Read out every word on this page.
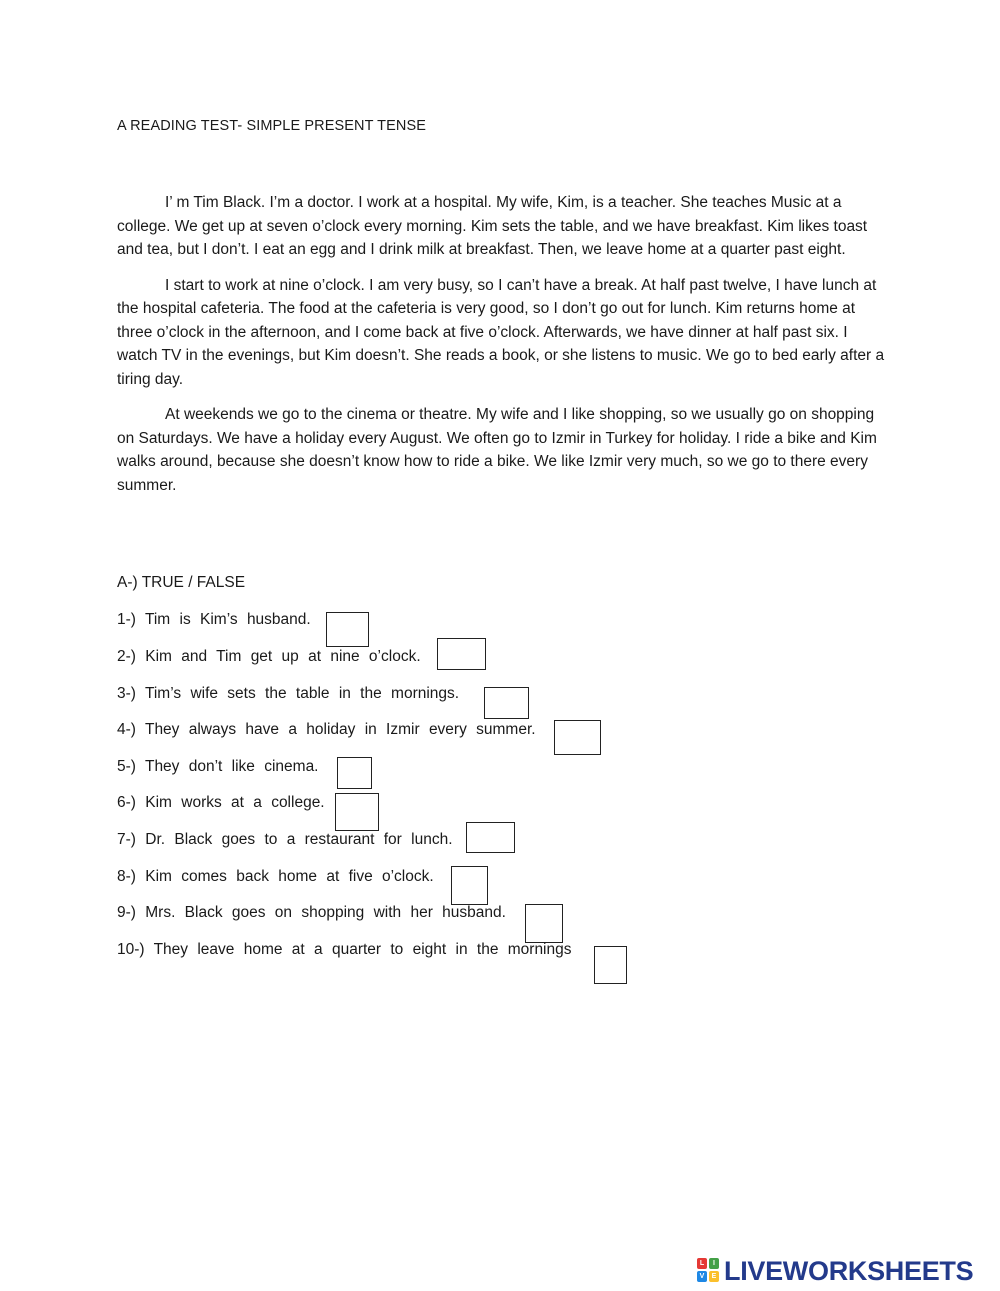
A READING TEST- SIMPLE PRESENT TENSE

I’ m Tim Black. I’m a doctor. I work at a hospital. My wife, Kim, is a teacher. She teaches Music at a college. We get up at seven o’clock every morning. Kim sets the table, and we have breakfast. Kim likes toast and tea, but I don’t. I eat an egg and I drink milk at breakfast. Then, we leave home at a quarter past eight.

I start to work at nine o’clock. I am very busy, so I can’t have a break. At half past twelve, I have lunch at the hospital cafeteria. The food at the cafeteria is very good, so I don’t go out for lunch. Kim returns home at three o’clock in the afternoon, and I come back at five o’clock. Afterwards, we have dinner at half past six. I watch TV in the evenings, but Kim doesn’t. She reads a book, or she listens to music. We go to bed early after a tiring day.

At weekends we go to the cinema or theatre. My wife and I like shopping, so we usually go on shopping on Saturdays. We have a holiday every August. We often go to Izmir in Turkey for holiday. I ride a bike and Kim walks around, because she doesn’t know how to ride a bike. We like Izmir very much, so we go to there every summer.

A-) TRUE / FALSE
1-) Tim is Kim’s husband.
2-) Kim and Tim get up at nine o’clock.
3-) Tim’s wife sets the table in the mornings.
4-) They always have a holiday in Izmir every summer.
5-) They don’t like cinema.
6-) Kim works at a college.
7-) Dr. Black goes to a restaurant for lunch.
8-) Kim comes back home at five o’clock.
9-) Mrs. Black goes on shopping with her husband.
10-) They leave home at a quarter to eight in the mornings
L	I
V	E LIVEWORKSHEETS
